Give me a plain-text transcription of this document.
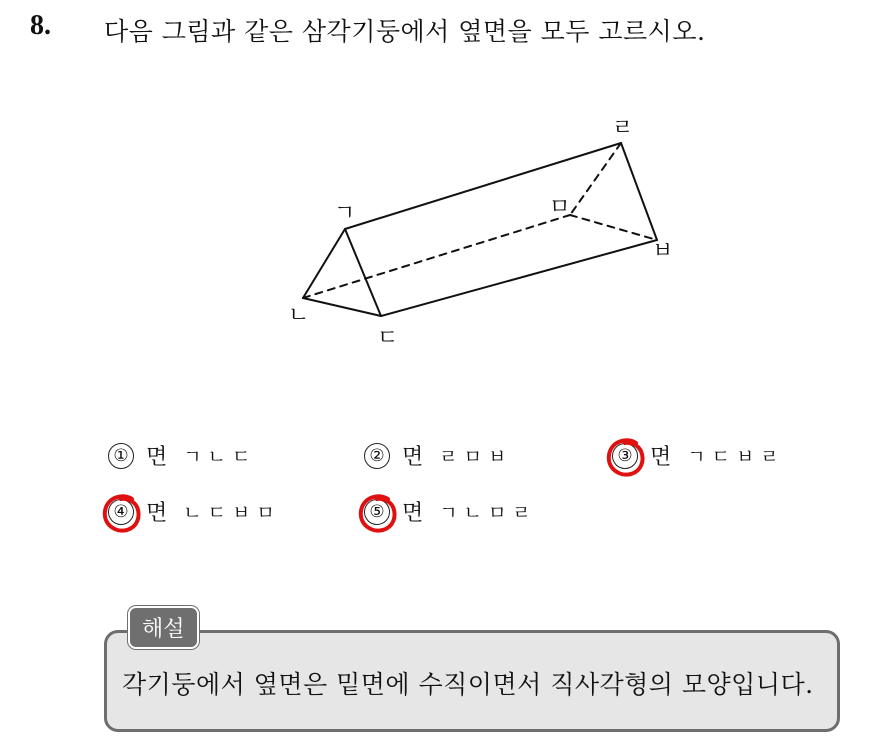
8. 다음 그림과 같은 삼각기둥에서 옆면을 모두 고르시오.
ㄱ
ㄴ
ㄷ
ㄹ
ㅁ
ㅂ
① 면 ㄱㄴㄷ	② 면 ㄹㅁㅂ	③ 면 ㄱㄷㅂㄹ
④ 면 ㄴㄷㅂㅁ	⑤ 면 ㄱㄴㅁㄹ
해설
각기둥에서 옆면은 밑면에 수직이면서 직사각형의 모양입니다.
